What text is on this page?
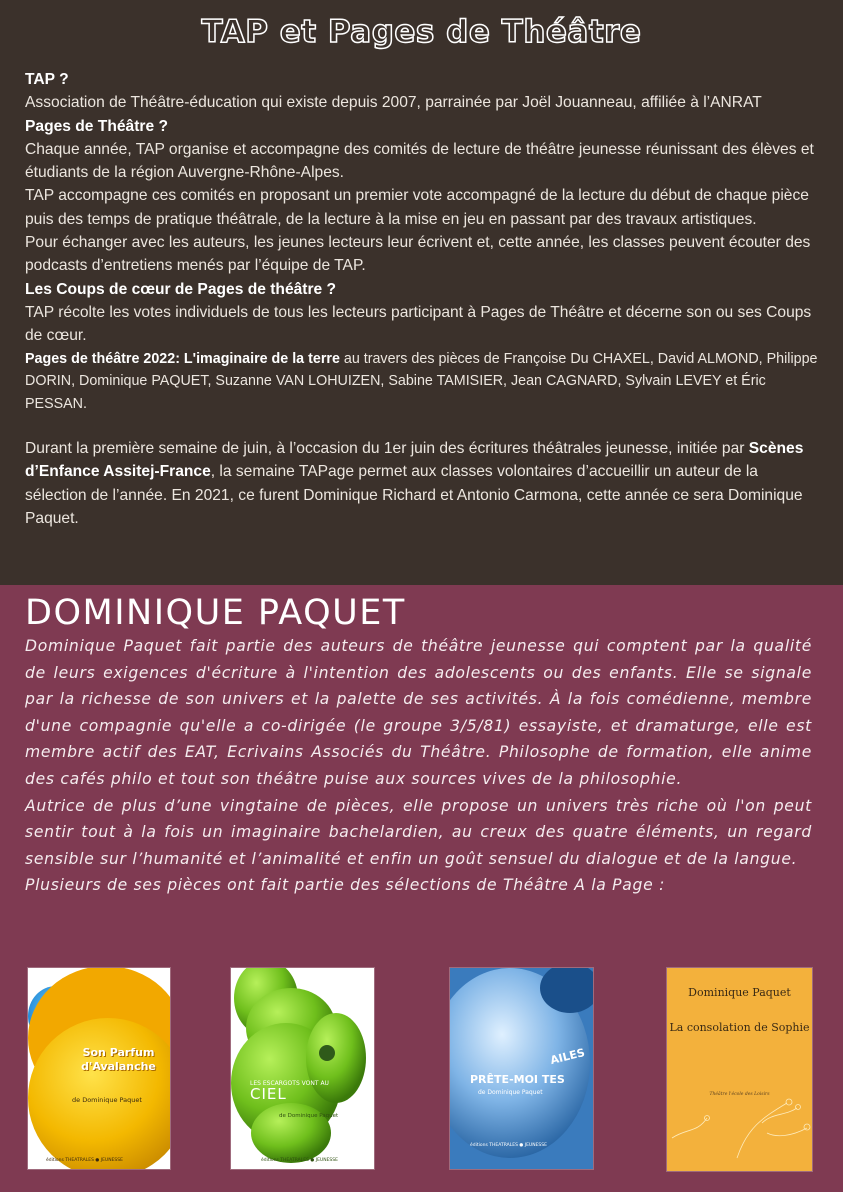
TAP et Pages de Théâtre

TAP ?

Association de Théâtre-éducation qui existe depuis 2007, parrainée par Joël Jouanneau, affiliée à l’ANRAT

Pages de Théâtre ?

Chaque année, TAP organise et accompagne des comités de lecture de théâtre jeunesse réunissant des élèves et étudiants de la région Auvergne-Rhône-Alpes.

TAP accompagne ces comités en proposant un premier vote accompagné de la lecture du début de chaque pièce puis des temps de pratique théâtrale, de la lecture à la mise en jeu en passant par des travaux artistiques.

Pour échanger avec les auteurs, les jeunes lecteurs leur écrivent et, cette année, les classes peuvent écouter des podcasts d’entretiens menés par l’équipe de TAP.

Les Coups de cœur de Pages de théâtre ?

TAP récolte les votes individuels de tous les lecteurs participant à Pages de Théâtre et décerne son ou ses Coups de cœur.

Pages de théâtre 2022: L'imaginaire de la terre au travers des pièces de Françoise Du CHAXEL, David ALMOND, Philippe DORIN, Dominique PAQUET, Suzanne VAN LOHUIZEN, Sabine TAMISIER, Jean CAGNARD, Sylvain LEVEY et Éric PESSAN.

Durant la première semaine de juin, à l’occasion du 1er juin des écritures théâtrales jeunesse, initiée par Scènes d’Enfance Assitej-France, la semaine TAPage permet aux classes volontaires d’accueillir un auteur de la sélection de l’année. En 2021, ce furent Dominique Richard et Antonio Carmona, cette année ce sera Dominique Paquet.

DOMINIQUE PAQUET

Dominique Paquet fait partie des auteurs de théâtre jeunesse qui comptent par la qualité de leurs exigences d'écriture à l'intention des adolescents ou des enfants. Elle se signale par la richesse de son univers et la palette de ses activités. À la fois comédienne, membre d'une compagnie qu'elle a co-dirigée (le groupe 3/5/81) essayiste, et dramaturge, elle est membre actif des EAT, Ecrivains Associés du Théâtre. Philosophe de formation, elle anime des cafés philo et tout son théâtre puise aux sources vives de la philosophie.

Autrice de plus d’une vingtaine de pièces, elle propose un univers très riche où l'on peut sentir tout à la fois un imaginaire bachelardien, au creux des quatre éléments, un regard sensible sur l’humanité et l’animalité et enfin un goût sensuel du dialogue et de la langue.

Plusieurs de ses pièces ont fait partie des sélections de Théâtre A la Page :

Son Parfum d'Avalanche
de Dominique Paquet
éditions THEATRALES ● JEUNESSE
LES ESCARGOTS VONT AU
CIEL
de Dominique Paquet
éditions THEATRALES ● JEUNESSE
AILES
PRÊTE-MOI TES
de Dominique Paquet
éditions THEATRALES ● JEUNESSE
Dominique Paquet
La consolation de Sophie
Théâtre l'école des Loisirs
